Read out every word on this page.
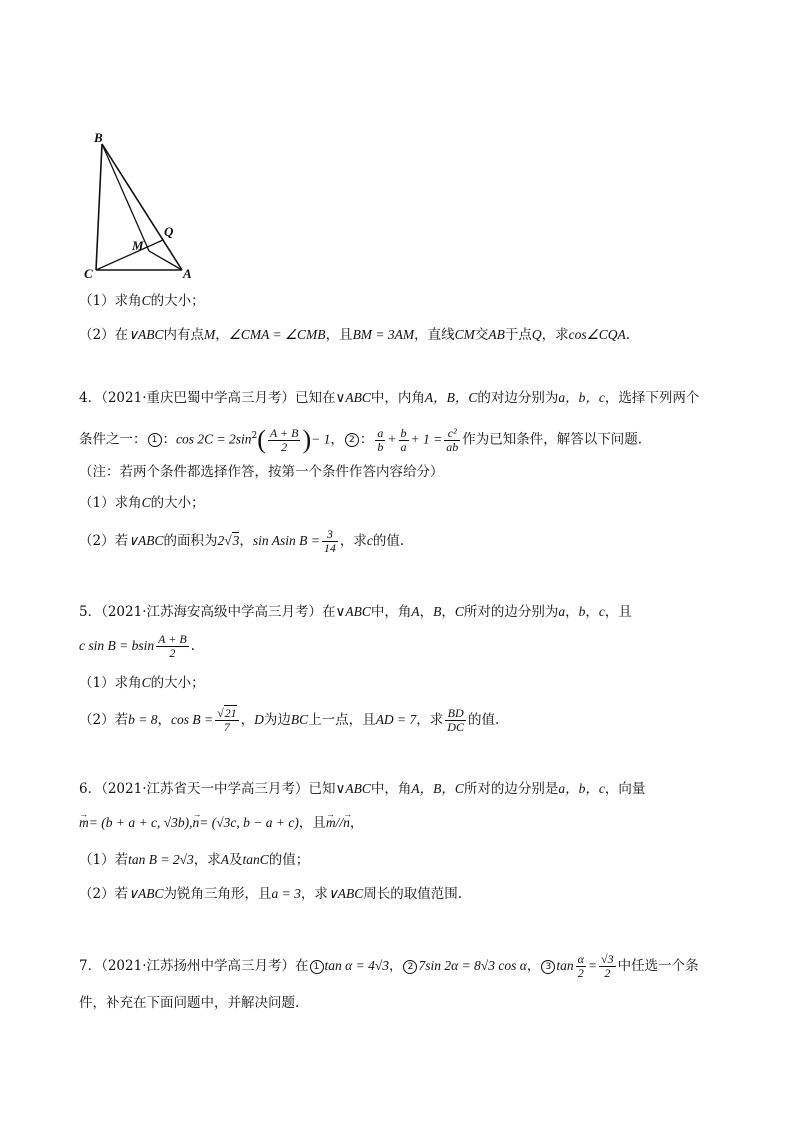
B
C	A
M
Q
（1）求角C的大小；
（2）在∨ABC内有点M，∠CMA = ∠CMB，且BM = 3AM，直线CM交AB于点Q，求cos∠CQA.
4．（2021·重庆巴蜀中学高三月考）已知在∨ABC中，内角A，B，C的对边分别为a，b，c，选择下列两个
条件之一： 1 ：$\cos 2C = 2\sin^2( \frac{A + B}{2}$ )− 1， 2 ： $\frac{a}{b} + \frac{b}{a} + 1 = \frac{\text{c²}}{ab}$ 作为已知条件，解答以下问题.
（注：若两个条件都选择作答，按第一个条件作答内容给分）
（1）求角C的大小；
（2）若∨ABC的面积为2√3，sin Asin $B = \frac{3}{14}$ ，求c的值.
5．（2021·江苏海安高级中学高三月考）在∨ABC中，角A，B，C所对的边分别为a，b，c，且
c sin B = bsin $\frac{A + B}{2}$ .
（1）求角C的大小；
（2）若b = 8，$\cos B = \frac{√21}{7}$ ，D为边BC上一点，且AD = 7，求 $\frac{BD}{DC}$ 的值.
6．（2021·江苏省天一中学高三月考）已知∨ABC中，角A，B，C所对的边分别是a，b，c，向量
→ m= (b + a + c, √3b),→ n= (√3c, b − a + c)，且→ m//→ n，
（1）若tan B = 2√3，求A及tanC的值；
（2）若∨ABC为锐角三角形，且a = 3，求∨ABC周长的取值范围.
7．（2021·江苏扬州中学高三月考）在 1 tan α = 4√3， 2 7sin 2α = 8√3 cos α， 3 $\tan \frac{\alpha}{2} = \frac{√3}{2}$ 中任选一个条
件，补充在下面问题中，并解决问题.
